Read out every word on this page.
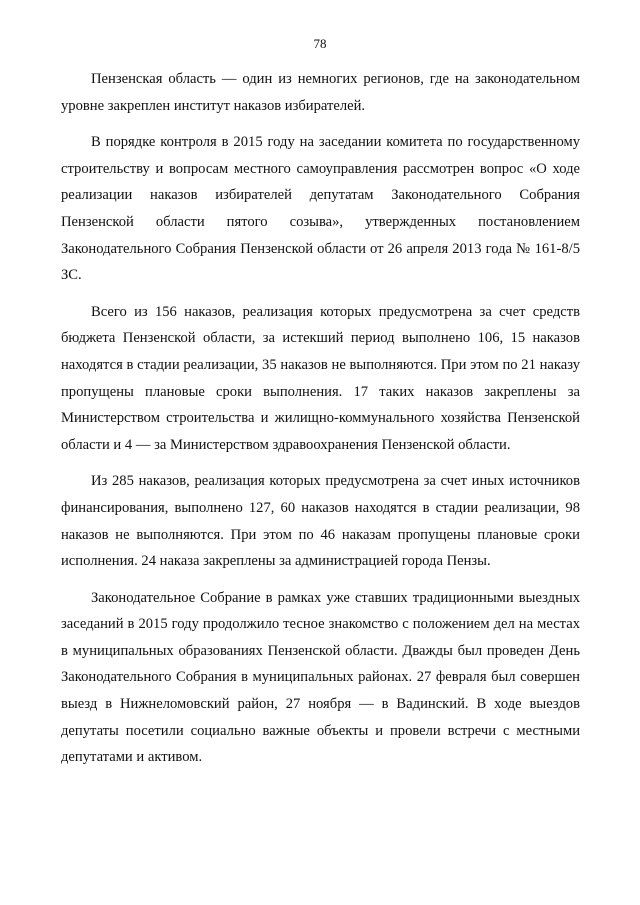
78

Пензенская область — один из немногих регионов, где на законодательном уровне закреплен институт наказов избирателей.

В порядке контроля в 2015 году на заседании комитета по государственному строительству и вопросам местного самоуправления рассмотрен вопрос «О ходе реализации наказов избирателей депутатам Законодательного Собрания Пензенской области пятого созыва», утвержденных постановлением Законодательного Собрания Пензенской области от 26 апреля 2013 года № 161-8/5 ЗС.

Всего из 156 наказов, реализация которых предусмотрена за счет средств бюджета Пензенской области, за истекший период выполнено 106, 15 наказов находятся в стадии реализации, 35 наказов не выполняются. При этом по 21 наказу пропущены плановые сроки выполнения. 17 таких наказов закреплены за Министерством строительства и жилищно-коммунального хозяйства Пензенской области и 4 — за Министерством здравоохранения Пензенской области.

Из 285 наказов, реализация которых предусмотрена за счет иных источников финансирования, выполнено 127, 60 наказов находятся в стадии реализации, 98 наказов не выполняются. При этом по 46 наказам пропущены плановые сроки исполнения. 24 наказа закреплены за администрацией города Пензы.

Законодательное Собрание в рамках уже ставших традиционными выездных заседаний в 2015 году продолжило тесное знакомство с положением дел на местах в муниципальных образованиях Пензенской области. Дважды был проведен День Законодательного Собрания в муниципальных районах. 27 февраля был совершен выезд в Нижнеломовский район, 27 ноября — в Вадинский. В ходе выездов депутаты посетили социально важные объекты и провели встречи с местными депутатами и активом.
